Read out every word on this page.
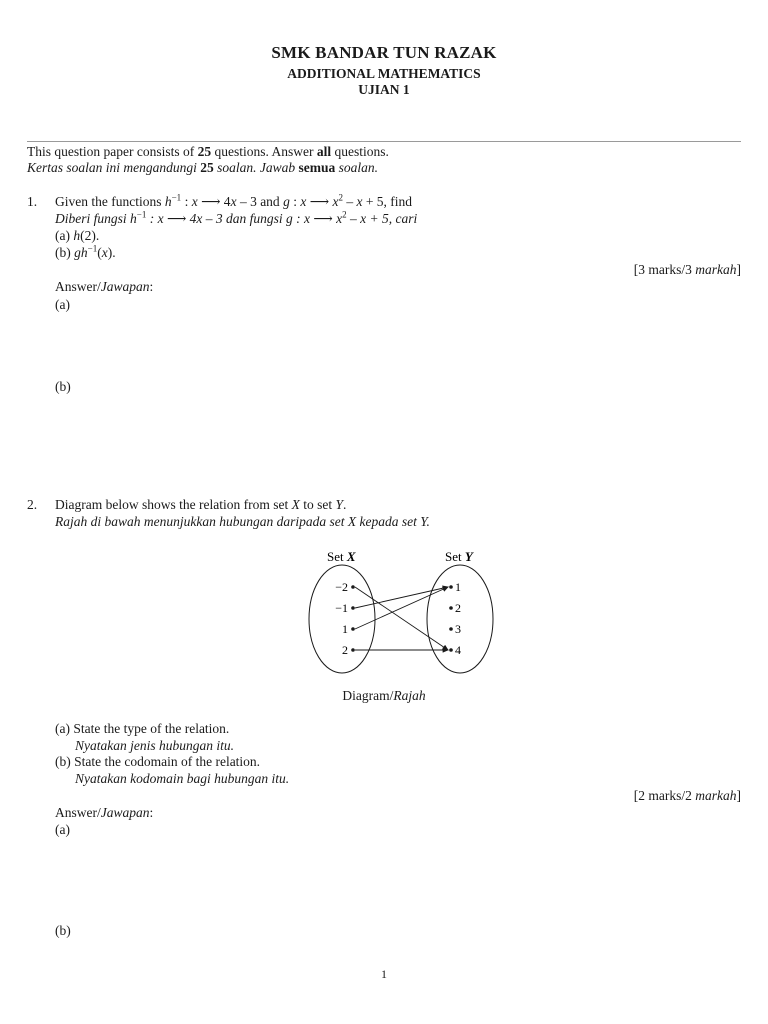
SMK BANDAR TUN RAZAK
ADDITIONAL MATHEMATICS
UJIAN 1
This question paper consists of 25 questions. Answer all questions.
Kertas soalan ini mengandungi 25 soalan. Jawab semua soalan.
1. Given the functions $h^{-1}$ : x ⟶ 4x – 3 and g : x ⟶ $x^2 - x + 5$, find
Diberi fungsi $h^{-1}$ : x ⟶ 4x – 3 dan fungsi g : x ⟶ $x^2 - x + 5$, cari
(a) h(2).
(b) $gh^{-1}(x)$.
[3 marks/3 markah]
Answer/Jawapan:
(a)
(b)
2. Diagram below shows the relation from set X to set Y.
Rajah di bawah menunjukkan hubungan daripada set X kepada set Y.
Set X	Set Y
−2
−1
1
2
1
2
3
4
Diagram/Rajah
(a) State the type of the relation.
Nyatakan jenis hubungan itu.
(b) State the codomain of the relation.
Nyatakan kodomain bagi hubungan itu.
[2 marks/2 markah]
Answer/Jawapan:
(a)
(b)
1
